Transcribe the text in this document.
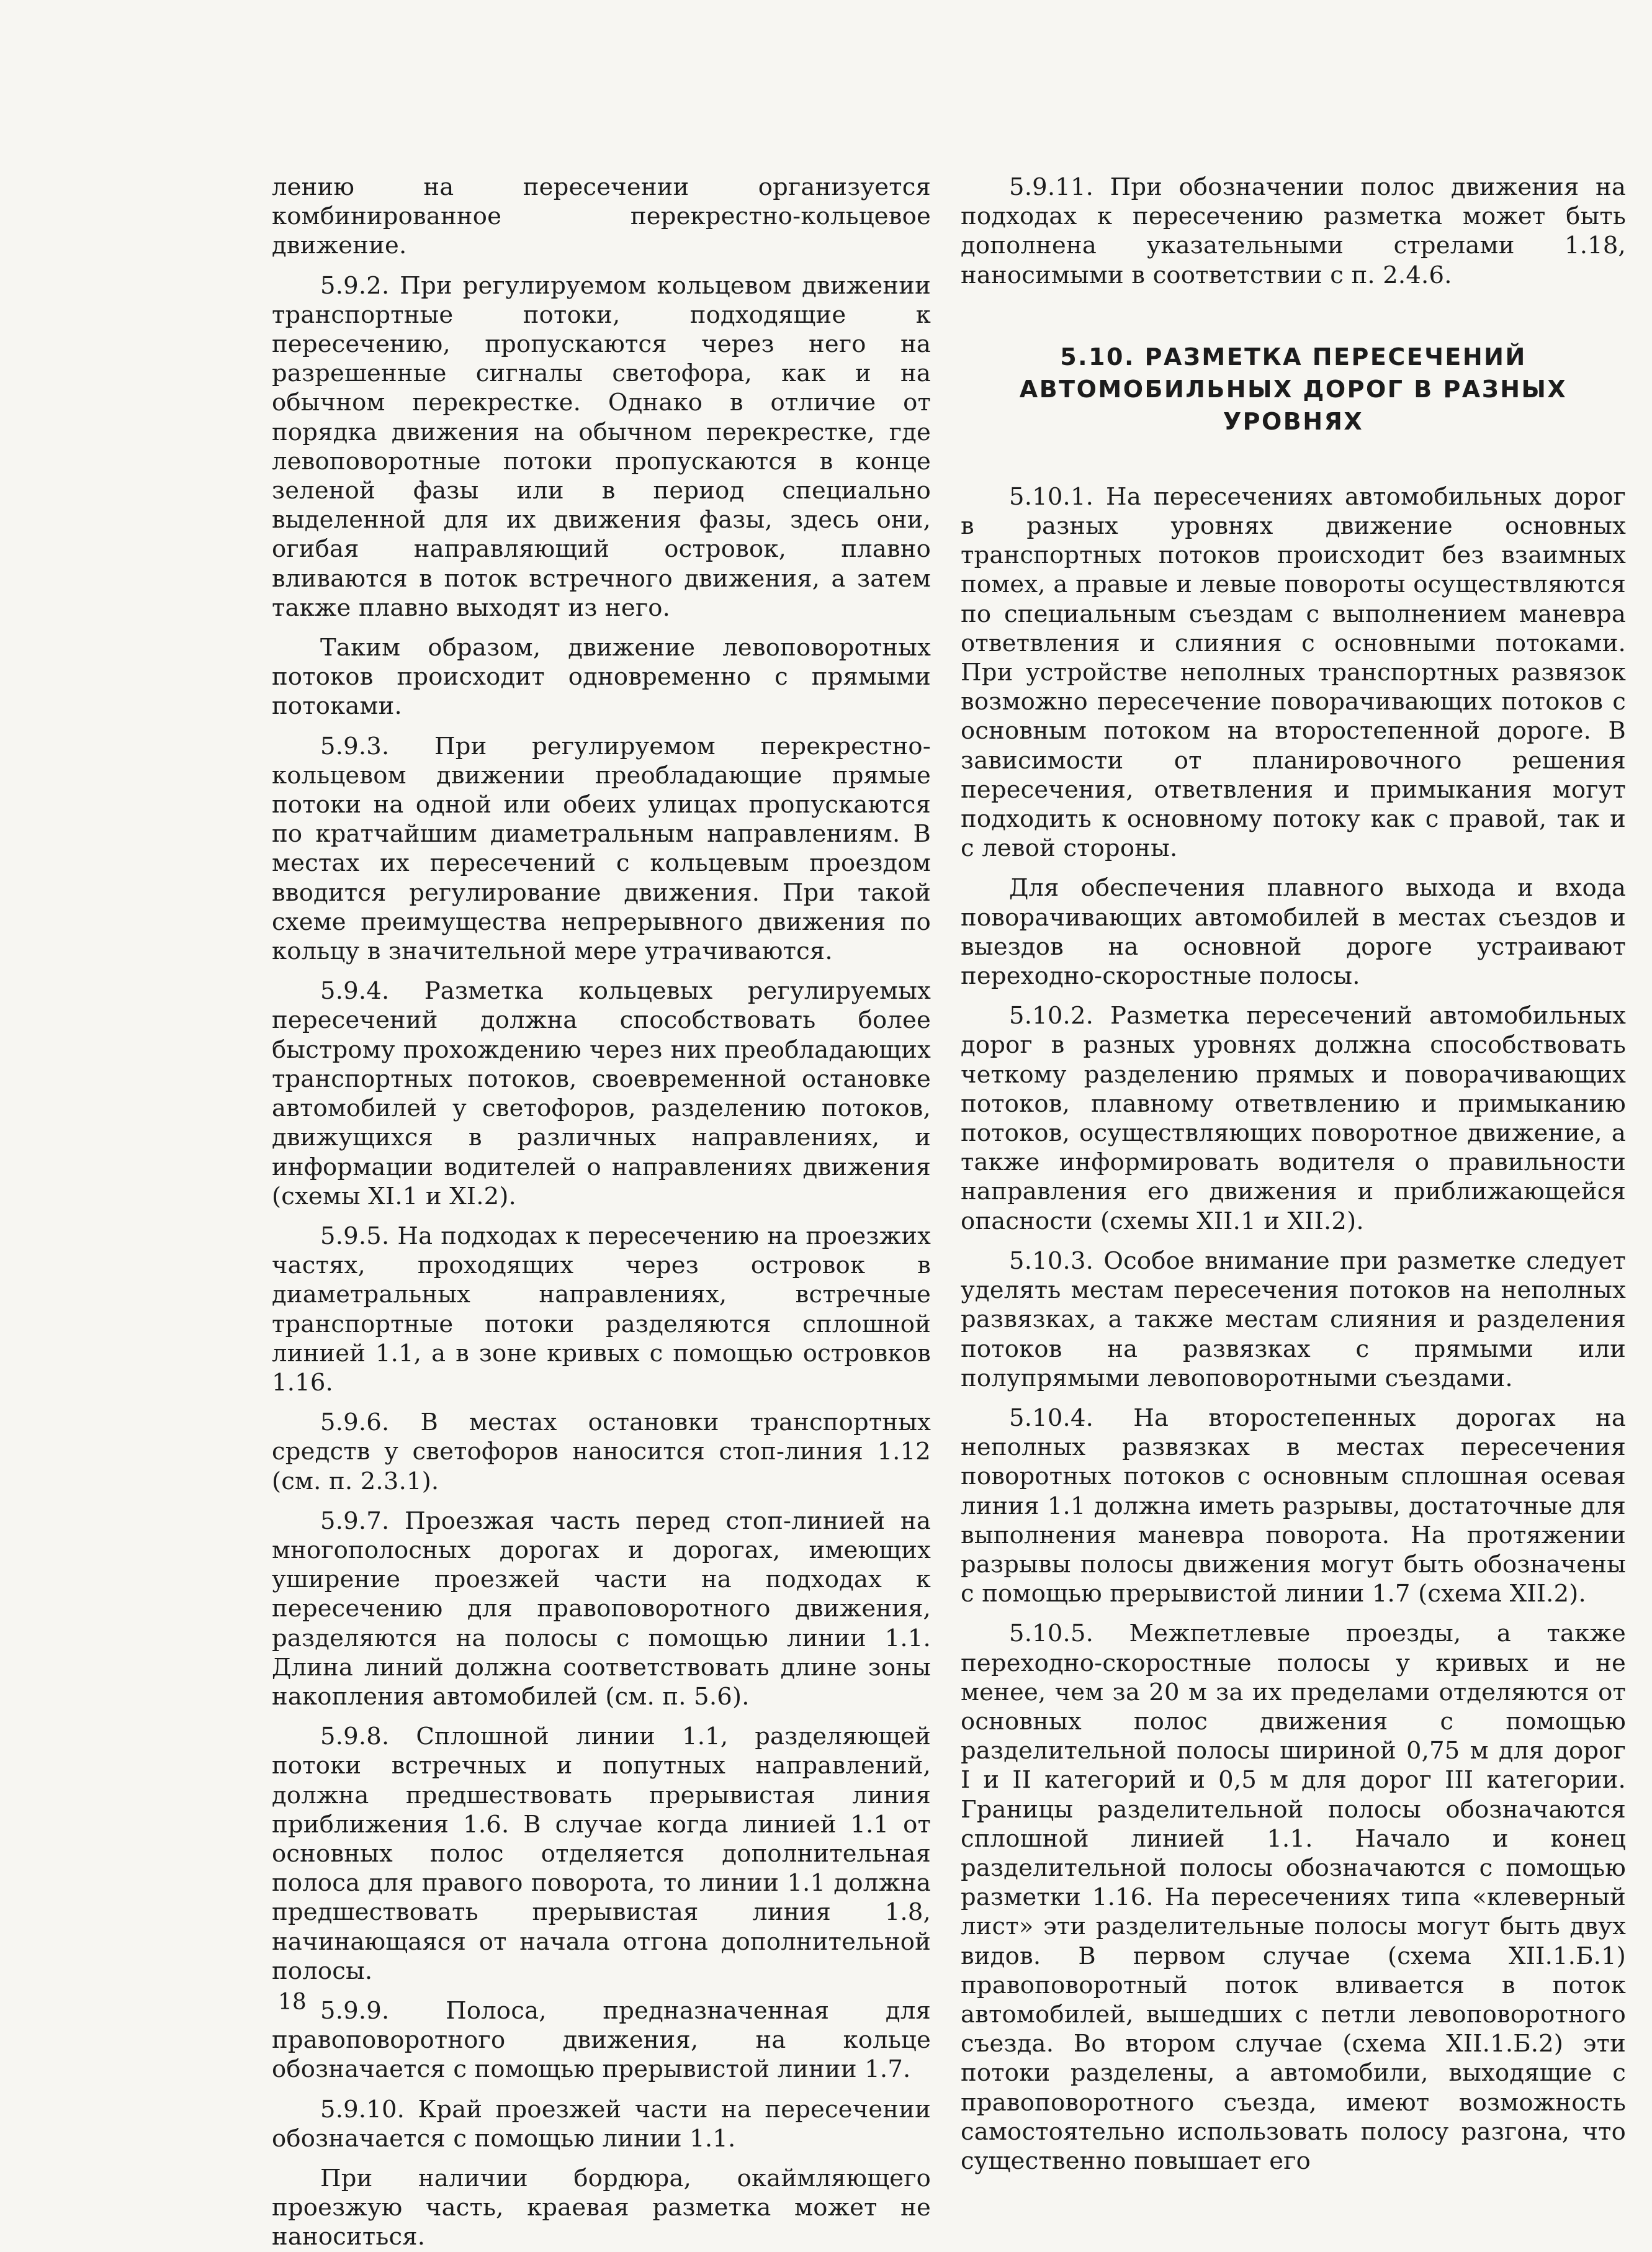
лению на пересечении организуется комбинированное перекрестно-кольцевое движение.

5.9.2. При регулируемом кольцевом движении транспортные потоки, подходящие к пересечению, пропускаются через него на разрешенные сигналы светофора, как и на обычном перекрестке. Однако в отличие от порядка движения на обычном перекрестке, где левоповоротные потоки пропускаются в конце зеленой фазы или в период специально выделенной для их движения фазы, здесь они, огибая направляющий островок, плавно вливаются в поток встречного движения, а затем также плавно выходят из него.

Таким образом, движение левоповоротных потоков происходит одновременно с прямыми потоками.

5.9.3. При регулируемом перекрестно-кольцевом движении преобладающие прямые потоки на одной или обеих улицах пропускаются по кратчайшим диаметральным направлениям. В местах их пересечений с кольцевым проездом вводится регулирование движения. При такой схеме преимущества непрерывного движения по кольцу в значительной мере утрачиваются.

5.9.4. Разметка кольцевых регулируемых пересечений должна способствовать более быстрому прохождению через них преобладающих транспортных потоков, своевременной остановке автомобилей у светофоров, разделению потоков, движущихся в различных направлениях, и информации водителей о направлениях движения (схемы XI.1 и XI.2).

5.9.5. На подходах к пересечению на проезжих частях, проходящих через островок в диаметральных направлениях, встречные транспортные потоки разделяются сплошной линией 1.1, а в зоне кривых с помощью островков 1.16.

5.9.6. В местах остановки транспортных средств у светофоров наносится стоп-линия 1.12 (см. п. 2.3.1).

5.9.7. Проезжая часть перед стоп-линией на многополосных дорогах и дорогах, имеющих уширение проезжей части на подходах к пересечению для правоповоротного движения, разделяются на полосы с помощью линии 1.1. Длина линий должна соответствовать длине зоны накопления автомобилей (см. п. 5.6).

5.9.8. Сплошной линии 1.1, разделяющей потоки встречных и попутных направлений, должна предшествовать прерывистая линия приближения 1.6. В случае когда линией 1.1 от основных полос отделяется дополнительная полоса для правого поворота, то линии 1.1 должна предшествовать прерывистая линия 1.8, начинающаяся от начала отгона дополнительной полосы.

5.9.9. Полоса, предназначенная для правоповоротного движения, на кольце обозначается с помощью прерывистой линии 1.7.

5.9.10. Край проезжей части на пересечении обозначается с помощью линии 1.1.

При наличии бордюра, окаймляющего проезжую часть, краевая разметка может не наноситься.

5.9.11. При обозначении полос движения на подходах к пересечению разметка может быть дополнена указательными стрелами 1.18, наносимыми в соответствии с п. 2.4.6.

5.10. РАЗМЕТКА ПЕРЕСЕЧЕНИЙ АВТОМОБИЛЬНЫХ ДОРОГ В РАЗНЫХ УРОВНЯХ

5.10.1. На пересечениях автомобильных дорог в разных уровнях движение основных транспортных потоков происходит без взаимных помех, а правые и левые повороты осуществляются по специальным съездам с выполнением маневра ответвления и слияния с основными потоками. При устройстве неполных транспортных развязок возможно пересечение поворачивающих потоков с основным потоком на второстепенной дороге. В зависимости от планировочного решения пересечения, ответвления и примыкания могут подходить к основному потоку как с правой, так и с левой стороны.

Для обеспечения плавного выхода и входа поворачивающих автомобилей в местах съездов и выездов на основной дороге устраивают переходно-скоростные полосы.

5.10.2. Разметка пересечений автомобильных дорог в разных уровнях должна способствовать четкому разделению прямых и поворачивающих потоков, плавному ответвлению и примыканию потоков, осуществляющих поворотное движение, а также информировать водителя о правильности направления его движения и приближающейся опасности (схемы XII.1 и XII.2).

5.10.3. Особое внимание при разметке следует уделять местам пересечения потоков на неполных развязках, а также местам слияния и разделения потоков на развязках с прямыми или полупрямыми левоповоротными съездами.

5.10.4. На второстепенных дорогах на неполных развязках в местах пересечения поворотных потоков с основным сплошная осевая линия 1.1 должна иметь разрывы, достаточные для выполнения маневра поворота. На протяжении разрывы полосы движения могут быть обозначены с помощью прерывистой линии 1.7 (схема XII.2).

5.10.5. Межпетлевые проезды, а также переходно-скоростные полосы у кривых и не менее, чем за 20 м за их пределами отделяются от основных полос движения с помощью разделительной полосы шириной 0,75 м для дорог I и II категорий и 0,5 м для дорог III категории. Границы разделительной полосы обозначаются сплошной линией 1.1. Начало и конец разделительной полосы обозначаются с помощью разметки 1.16. На пересечениях типа «клеверный лист» эти разделительные полосы могут быть двух видов. В первом случае (схема XII.1.Б.1) правоповоротный поток вливается в поток автомобилей, вышедших с петли левоповоротного съезда. Во втором случае (схема XII.1.Б.2) эти потоки разделены, а автомобили, выходящие с правоповоротного съезда, имеют возможность самостоятельно использовать полосу разгона, что существенно повышает его

18
